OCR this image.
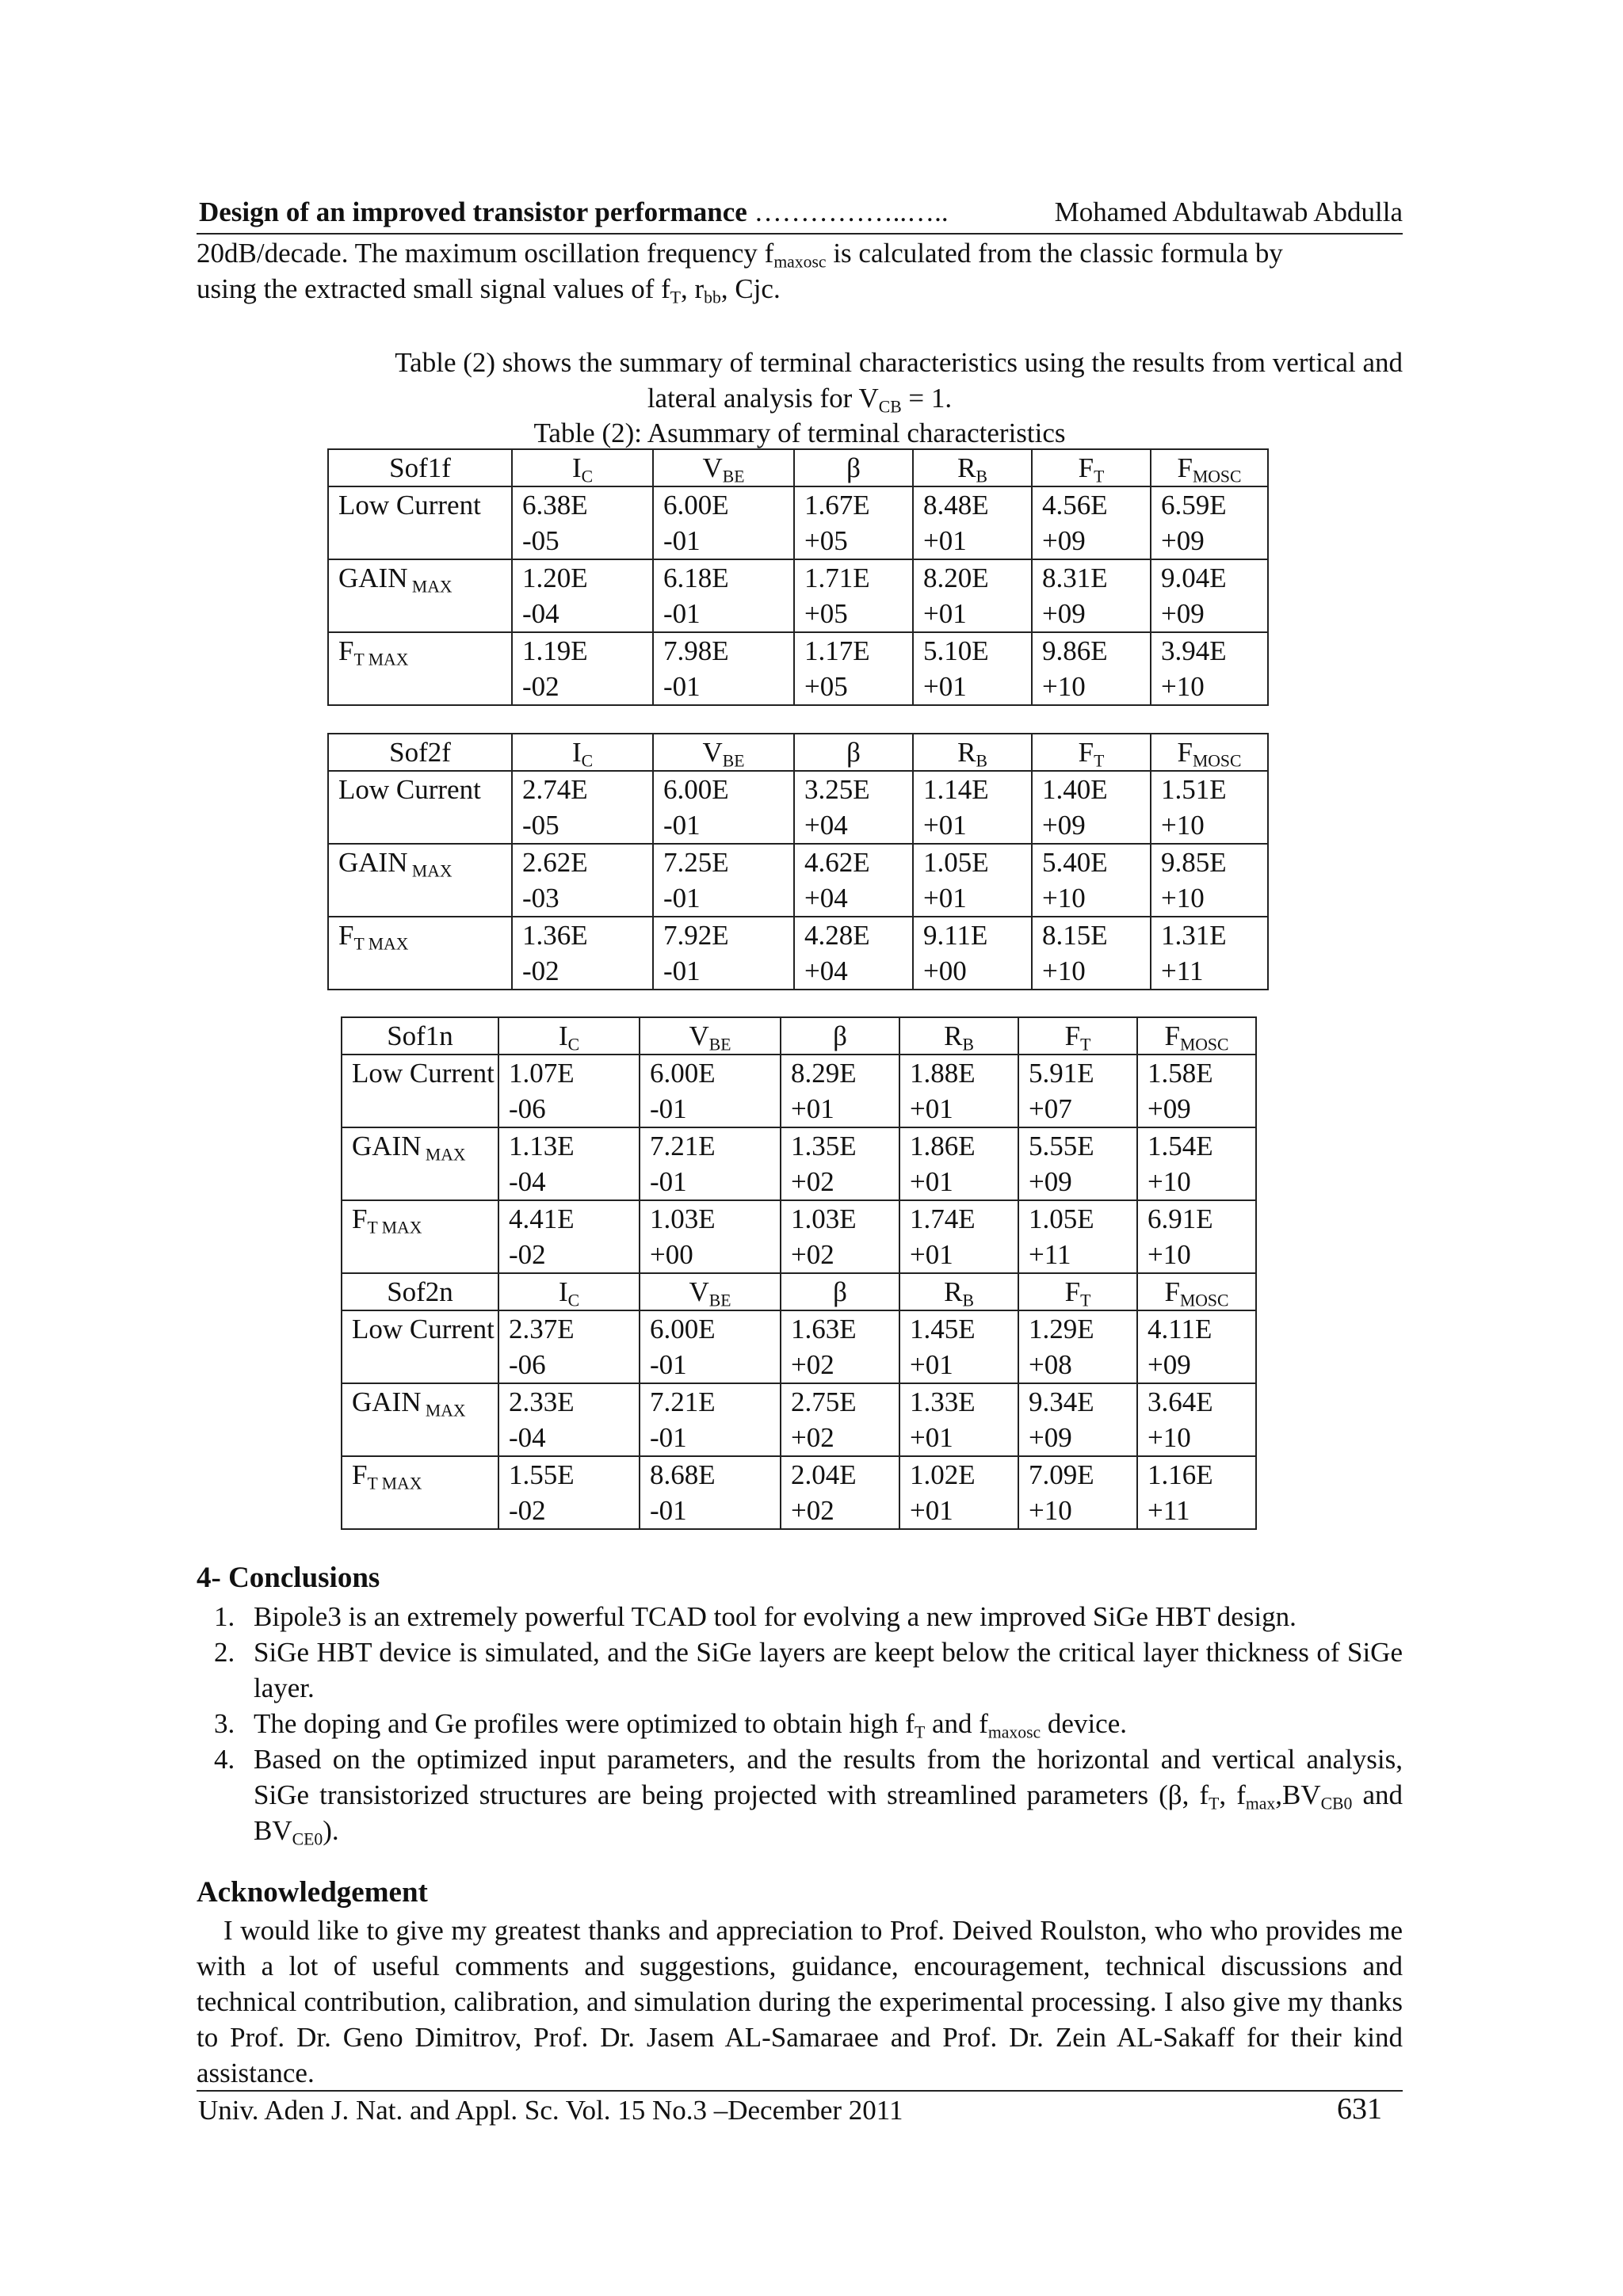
Design of an improved transistor performance ……………..…..	Mohamed Abdultawab Abdulla
20dB/decade. The maximum oscillation frequency $f_{maxosc}$ is calculated from the classic formula by
using the extracted small signal values of $f_T$, $r_{bb}$, Cjc.
Table (2) shows the summary of terminal characteristics using the results from vertical and
lateral analysis for $V_{CB} = 1$.
Table (2): Asummary of terminal characteristics
Sof1f	$I_C$	$V_{BE}$	β	$R_B$	$F_T$	$F_{MOSC}$
Low Current	6.38E-05	6.00E-01	1.67E+05	8.48E+01	4.56E+09	6.59E+09

GAIN $_{MAX}$	1.20E-04	6.18E-01	1.71E+05	8.20E+01	8.31E+09	9.04E+09

$F_{T MAX}$	1.19E-02	7.98E-01	1.17E+05	5.10E+01	9.86E+10	3.94E+10
Sof2f	$I_C$	$V_{BE}$	β	$R_B$	$F_T$	$F_{MOSC}$
Low Current	2.74E-05	6.00E-01	3.25E+04	1.14E+01	1.40E+09	1.51E+10

GAIN $_{MAX}$	2.62E-03	7.25E-01	4.62E+04	1.05E+01	5.40E+10	9.85E+10

$F_{T MAX}$	1.36E-02	7.92E-01	4.28E+04	9.11E+00	8.15E+10	1.31E+11
Sof1n	$I_C$	$V_{BE}$	β	$R_B$	$F_T$	$F_{MOSC}$
Low Current	1.07E-06	6.00E-01	8.29E+01	1.88E+01	5.91E+07	1.58E+09

GAIN $_{MAX}$	1.13E-04	7.21E-01	1.35E+02	1.86E+01	5.55E+09	1.54E+10

$F_{T MAX}$	4.41E-02	1.03E+00	1.03E+02	1.74E+01	1.05E+11	6.91E+10

Sof2n	$I_C$	$V_{BE}$	β	$R_B$	$F_T$	$F_{MOSC}$
Low Current	2.37E-06	6.00E-01	1.63E+02	1.45E+01	1.29E+08	4.11E+09

GAIN $_{MAX}$	2.33E-04	7.21E-01	2.75E+02	1.33E+01	9.34E+09	3.64E+10

$F_{T MAX}$	1.55E-02	8.68E-01	2.04E+02	1.02E+01	7.09E+10	1.16E+11
4- Conclusions
1. Bipole3 is an extremely powerful TCAD tool for evolving a new improved SiGe HBT design.
2. SiGe HBT device is simulated, and the SiGe layers are keept below the critical layer thickness of SiGe layer.
3. The doping and Ge profiles were optimized to obtain high $f_T$ and $f_{maxosc}$ device.
4. Based on the optimized input parameters, and the results from the horizontal and vertical analysis, SiGe transistorized structures are being projected with streamlined parameters (β, $f_T$, $f_{max},BV_{CB0}$ and $BV_{CE0}$).
Acknowledgement
I would like to give my greatest thanks and appreciation to Prof. Deived Roulston, who who provides me with a lot of useful comments and suggestions, guidance, encouragement, technical discussions and technical contribution, calibration, and simulation during the experimental processing. I also give my thanks to Prof. Dr. Geno Dimitrov, Prof. Dr. Jasem AL-Samaraee and Prof. Dr. Zein AL-Sakaff for their kind assistance.
Univ. Aden J. Nat. and Appl. Sc. Vol. 15 No.3 –December 2011	631
